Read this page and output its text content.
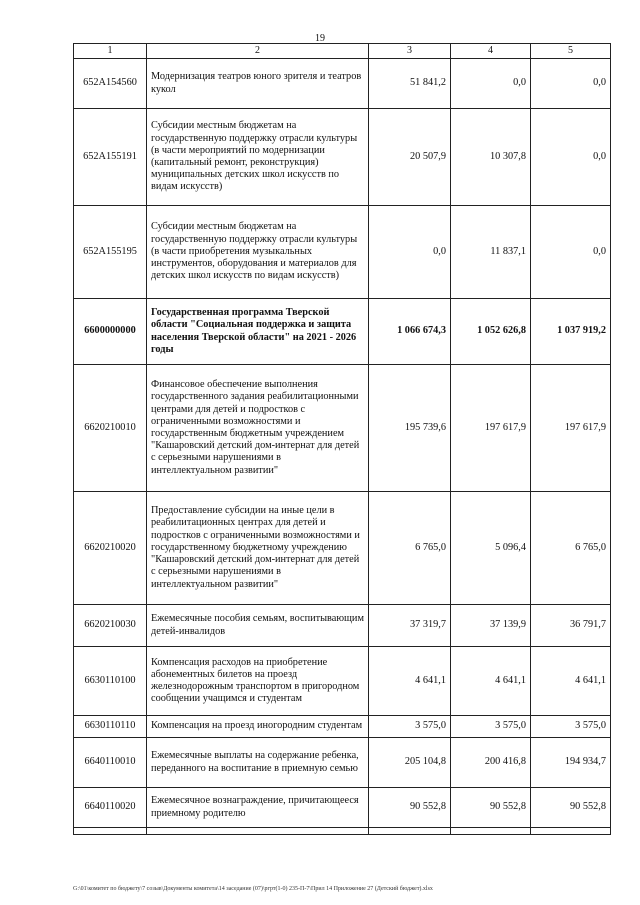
19
1	2	3	4	5
652A154560	Модернизация театров юного зрителя и театров кукол	51 841,2	0,0	0,0
652A155191	Субсидии местным бюджетам на государственную поддержку отрасли культуры (в части мероприятий по модернизации (капитальный ремонт, реконструкция) муниципальных детских школ искусств по видам искусств)	20 507,9	10 307,8	0,0
652A155195	Субсидии местным бюджетам на государственную поддержку отрасли культуры (в части приобретения музыкальных инструментов, оборудования и материалов для детских школ искусств по видам искусств)	0,0	11 837,1	0,0
6600000000	Государственная программа Тверской области "Социальная поддержка и защита населения Тверской области" на 2021 - 2026 годы	1 066 674,3	1 052 626,8	1 037 919,2
6620210010	Финансовое обеспечение выполнения государственного задания реабилитационными центрами для детей и подростков с ограниченными возможностями и государственным бюджетным учреждением "Кашаровский детский дом-интернат для детей с серьезными нарушениями в интеллектуальном развитии"	195 739,6	197 617,9	197 617,9
6620210020	Предоставление субсидии на иные цели в реабилитационных центрах для детей и подростков с ограниченными возможностями и государственному бюджетному учреждению "Кашаровский детский дом-интернат для детей с серьезными нарушениями в интеллектуальном развитии"	6 765,0	5 096,4	6 765,0
6620210030	Ежемесячные пособия семьям, воспитывающим детей-инвалидов	37 319,7	37 139,9	36 791,7
6630110100	Компенсация расходов на приобретение абонементных билетов на проезд железнодорожным транспортом в пригородном сообщении учащимся и студентам	4 641,1	4 641,1	4 641,1
6630110110	Компенсация на проезд иногородним студентам	3 575,0	3 575,0	3 575,0
6640110010	Ежемесячные выплаты на содержание ребенка, переданного на воспитание в приемную семью	205 104,8	200 416,8	194 934,7
6640110020	Ежемесячное вознаграждение, причитающееся приемному родителю	90 552,8	90 552,8	90 552,8

G:\01\комитет по бюджету\7 созыв\Документы комитета\14 заседание (07)\ргрт(1-0) 235-П-7\Прил 14 Приложение 27 (Детский бюджет).xlsx
